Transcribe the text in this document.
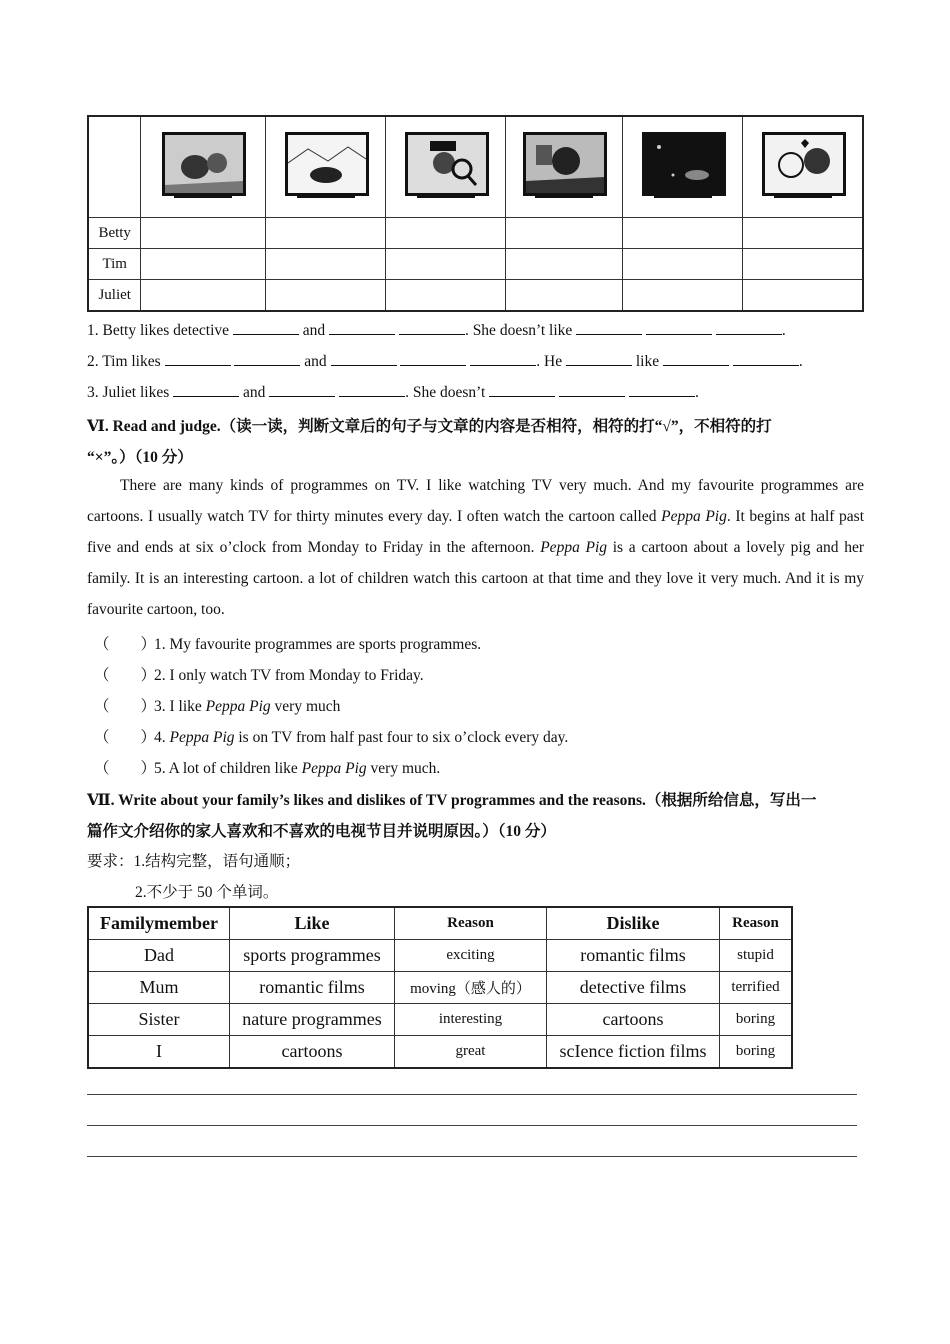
Betty						
Tim						
Juliet						
1. Betty likes detective	and	. She doesn’t like	.
2. Tim likes	and	. He	like	.
3. Juliet likes	and	. She doesn’t	.
Ⅵ. Read and judge.（读一读，判断文章后的句子与文章的内容是否相符，相符的打“√”，不相符的打
“×”。）（10 分）
There are many kinds of programmes on TV. I like watching TV very much. And my favourite programmes are cartoons. I usually watch TV for thirty minutes every day. I often watch the cartoon called Peppa Pig. It begins at half past five and ends at six o’clock from Monday to Friday in the afternoon. Peppa Pig is a cartoon about a lovely pig and her family. It is an interesting cartoon. a lot of children watch this cartoon at that time and they love it very much. And it is my favourite cartoon, too.
（　　）1. My favourite programmes are sports programmes.
（　　）2. I only watch TV from Monday to Friday.
（　　）3. I like Peppa Pig very much
（　　）4. Peppa Pig is on TV from half past four to six o’clock every day.
（　　）5. A lot of children like Peppa Pig very much.
Ⅶ. Write about your family’s likes and dislikes of TV programmes and the reasons.（根据所给信息，写出一
篇作文介绍你的家人喜欢和不喜欢的电视节目并说明原因。）（10 分）
要求：1.结构完整，语句通顺；
2.不少于 50 个单词。
Familymember	Like	Reason	Dislike	Reason
Dad	sports programmes	exciting	romantic films	stupid
Mum	romantic films	moving（感人的）	detective films	terrified
Sister	nature programmes	interesting	cartoons	boring
I	cartoons	great	scIence fiction films	boring
